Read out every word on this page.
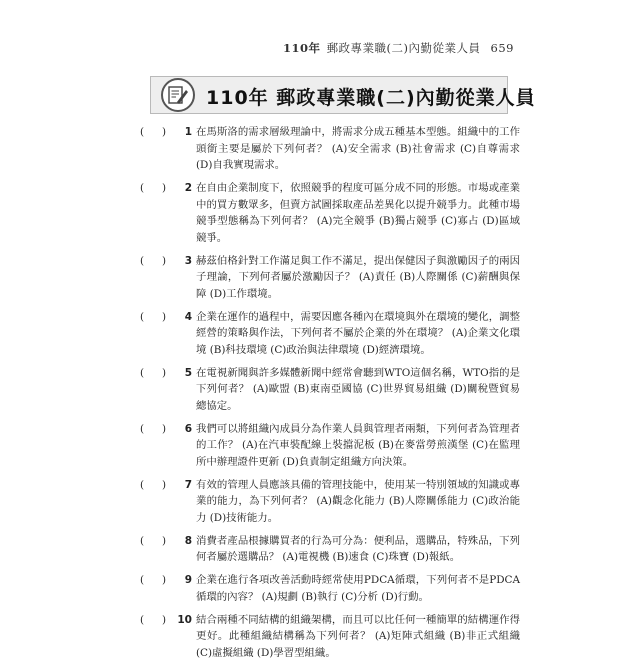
110年 郵政專業職(二)內勤從業人員 659
110年 郵政專業職(二)內勤從業人員
( )	1 在馬斯洛的需求層級理論中，將需求分成五種基本型態。組織中的工作頭銜主要是屬於下列何者？ (A)安全需求 (B)社會需求 (C)自尊需求 (D)自我實現需求。
( )	2 在自由企業制度下，依照競爭的程度可區分成不同的形態。市場或產業中的買方數眾多，但賣方試圖採取產品差異化以提升競爭力。此種市場競爭型態稱為下列何者？ (A)完全競爭 (B)獨占競爭 (C)寡占 (D)區域競爭。
( )	3 赫茲伯格針對工作滿足與工作不滿足，提出保健因子與激勵因子的兩因子理論，下列何者屬於激勵因子？ (A)責任 (B)人際關係 (C)薪酬與保障 (D)工作環境。
( )	4 企業在運作的過程中，需要因應各種內在環境與外在環境的變化，調整經營的策略與作法，下列何者不屬於企業的外在環境？ (A)企業文化環境 (B)科技環境 (C)政治與法律環境 (D)經濟環境。
( )	5 在電視新聞與許多媒體新聞中經常會聽到WTO這個名稱，WTO指的是下列何者？ (A)歐盟 (B)東南亞國協 (C)世界貿易組織 (D)關稅暨貿易總協定。
( )	6 我們可以將組織內成員分為作業人員與管理者兩類，下列何者為管理者的工作？ (A)在汽車裝配線上裝擋泥板 (B)在麥當勞煎漢堡 (C)在監理所中辦理證件更新 (D)負責制定組織方向決策。
( )	7 有效的管理人員應該具備的管理技能中，使用某一特別領域的知識或專業的能力，為下列何者？ (A)觀念化能力 (B)人際關係能力 (C)政治能力 (D)技術能力。
( )	8 消費者產品根據購買者的行為可分為：便利品，選購品，特殊品，下列何者屬於選購品？ (A)電視機 (B)速食 (C)珠寶 (D)報紙。
( )	9 企業在進行各項改善活動時經常使用PDCA循環，下列何者不是PDCA循環的內容？ (A)規劃 (B)執行 (C)分析 (D)行動。
( ) 10 結合兩種不同結構的組織架構，而且可以比任何一種簡單的結構運作得更好。此種組織結構稱為下列何者？ (A)矩陣式組織 (B)非正式組織 (C)虛擬組織 (D)學習型組織。
